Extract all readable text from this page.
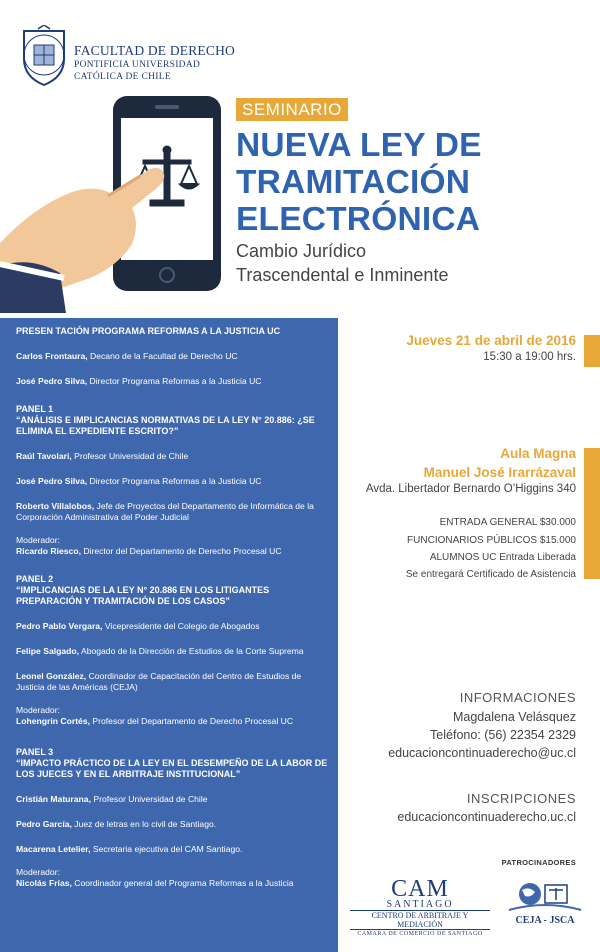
FACULTAD DE DERECHO
PONTIFICIA UNIVERSIDAD
CATÓLICA DE CHILE
SEMINARIO
NUEVA LEY DE
TRAMITACIÓN
ELECTRÓNICA
Cambio Jurídico
Trascendental e Inminente

PRESEN TACIÓN PROGRAMA REFORMAS A LA JUSTICIA UC

Carlos Frontaura, Decano de la Facultad de Derecho UC

José Pedro Silva, Director Programa Reformas a la Justicia UC

PANEL 1

“ANÁLISIS E IMPLICANCIAS NORMATIVAS DE LA LEY N° 20.886: ¿SE ELIMINA EL EXPEDIENTE ESCRITO?”

Raúl Tavolari, Profesor Universidad de Chile

José Pedro Silva, Director Programa Reformas a la Justicia UC

Roberto Villalobos, Jefe de Proyectos del Departamento de Informática de la Corporación Administrativa del Poder Judicial

Moderador:

Ricardo Riesco, Director del Departamento de Derecho Procesal UC

PANEL 2

“IMPLICANCIAS DE LA LEY N° 20.886 EN LOS LITIGANTES PREPARACIÓN Y TRAMITACIÓN DE LOS CASOS”

Pedro Pablo Vergara, Vicepresidente del Colegio de Abogados

Felipe Salgado, Abogado de la Dirección de Estudios de la Corte Suprema

Leonel González, Coordinador de Capacitación del Centro de Estudios de Justicia de las Américas (CEJA)

Moderador:

Lohengrin Cortés, Profesor del Departamento de Derecho Procesal UC

PANEL 3

“IMPACTO PRÁCTICO DE LA LEY EN EL DESEMPEÑO DE LA LABOR DE LOS JUECES Y EN EL ARBITRAJE INSTITUCIONAL”

Cristián Maturana, Profesor Universidad de Chile

Pedro García, Juez de letras en lo civil de Santiago.

Macarena Letelier, Secretaria ejecutiva del CAM Santiago.

Moderador:

Nicolás Frías, Coordinador general del Programa Reformas a la Justicia

Jueves 21 de abril de 2016
15:30 a 19:00 hrs.
Aula Magna
Manuel José Irarrázaval
Avda. Libertador Bernardo O’Higgins 340
ENTRADA GENERAL $30.000
FUNCIONARIOS PÚBLICOS $15.000
ALUMNOS UC Entrada Liberada
Se entregará Certificado de Asistencia
INFORMACIONES
Magdalena Velásquez
Teléfono: (56) 22354 2329
educacioncontinuaderecho@uc.cl
INSCRIPCIONES
educacioncontinuaderecho.uc.cl
PATROCINADORES
CAM
SANTIAGO
CENTRO DE ARBITRAJE Y MEDIACIÓN
CÁMARA DE COMERCIO DE SANTIAGO
CEJA - JSCA
